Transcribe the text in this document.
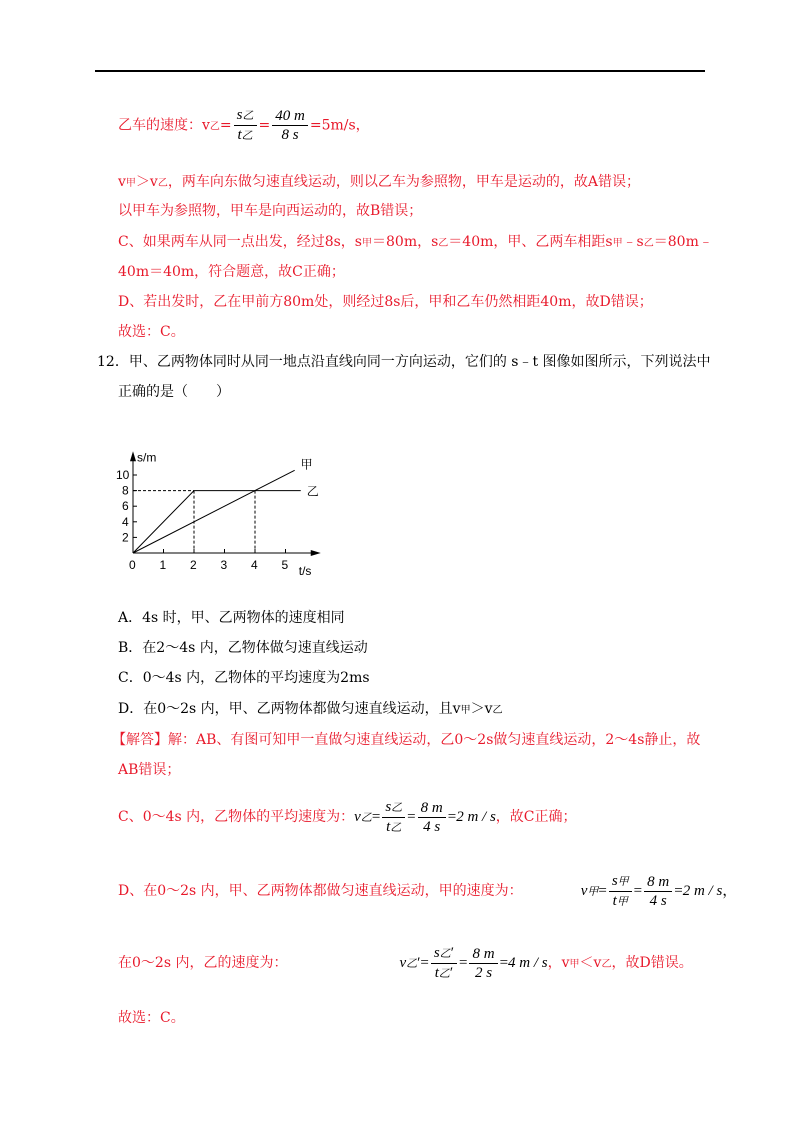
乙车的速度：v乙= $\frac{\text{s乙}}{\text{t乙}} = \frac{40 m}{8 s} =5m/s$，
v甲＞v乙，两车向东做匀速直线运动，则以乙车为参照物，甲车是运动的，故A错误；
以甲车为参照物，甲车是向西运动的，故B错误；
C、如果两车从同一点出发，经过8s，s甲＝80m，s乙＝40m，甲、乙两车相距s甲﹣s乙＝80m﹣
40m＝40m，符合题意，故C正确；
D、若出发时，乙在甲前方80m处，则经过8s后，甲和乙车仍然相距40m，故D错误；
故选：C。
12．甲、乙两物体同时从同一地点沿直线向同一方向运动，它们的 s﹣t 图像如图所示，下列说法中
正确的是（　　）
0 1 2 3 4 5
2
4
6
8
10
甲
乙
s/m
t/s
A．4s 时，甲、乙两物体的速度相同
B．在2～4s 内，乙物体做匀速直线运动
C．0～4s 内，乙物体的平均速度为2ms
D．在0～2s 内，甲、乙两物体都做匀速直线运动，且v甲＞v乙
【解答】解：AB、有图可知甲一直做匀速直线运动，乙0～2s做匀速直线运动，2～4s静止，故
AB错误；
C、0～4s 内，乙物体的平均速度为：v乙= $\frac{\text{s乙}}{\text{t乙}} = \frac{8 m}{4 s} =2$ m / s，故C正确；
D、在0～2s 内，甲、乙两物体都做匀速直线运动，甲的速度为：	v甲= $\frac{\text{s甲}}{\text{t甲}} = \frac{8 m}{4 s} =2$ m / s，
在0～2s 内，乙的速度为：	v乙′= $\frac{\text{s乙′}}{\text{t乙′}} = \frac{8 m}{2 s} =4$ m / s，v甲＜v乙，故D错误。
故选：C。
